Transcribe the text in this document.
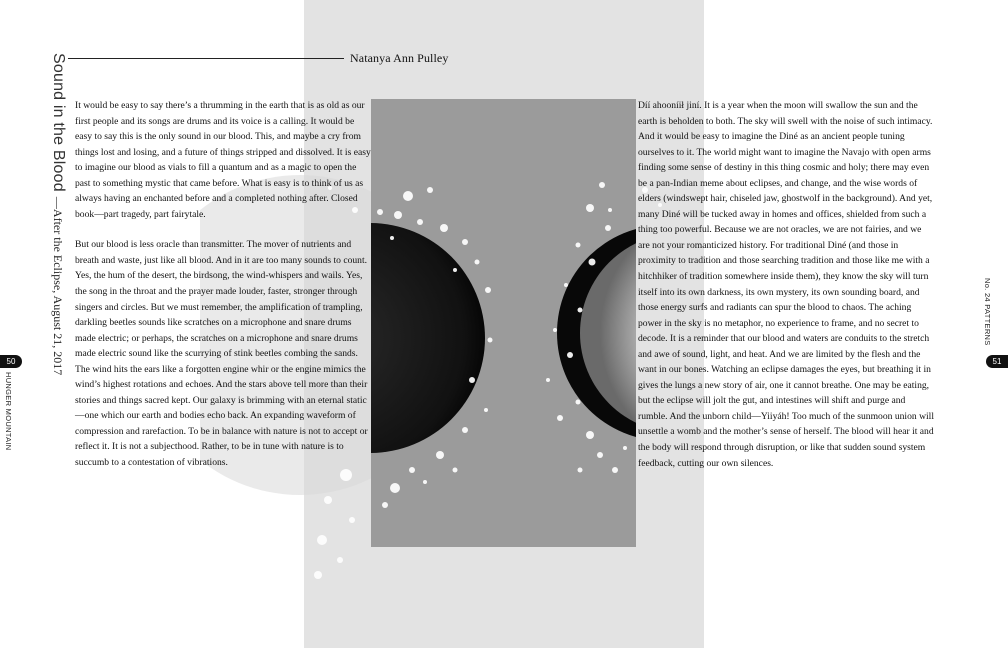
Natanya Ann Pulley
Sound in the Blood —After the Eclipse, August 21, 2017

It would be easy to say there’s a thrumming in the earth that is as old as our first people and its songs are drums and its voice is a calling. It would be easy to say this is the only sound in our blood. This, and maybe a cry from things lost and losing, and a future of things stripped and dissolved. It is easy to imagine our blood as vials to fill a quantum and as a magic to open the past to something mystic that came before. What is easy is to think of us as always having an enchanted before and a completed nothing after. Closed book—part tragedy, part fairytale.

But our blood is less oracle than transmitter. The mover of nutrients and breath and waste, just like all blood. And in it are too many sounds to count. Yes, the hum of the desert, the birdsong, the wind-whispers and wails. Yes, the song in the throat and the prayer made louder, faster, stronger through singers and circles. But we must remember, the amplification of trampling, darkling beetles sounds like scratches on a microphone and snare drums made electric; or perhaps, the scratches on a microphone and snare drums made electric sound like the scurrying of stink beetles combing the sands. The wind hits the ears like a forgotten engine whir or the engine mimics the wind’s highest rotations and echoes. And the stars above tell more than their stories and things sacred kept. Our galaxy is brimming with an eternal static—one which our earth and bodies echo back. An expanding waveform of compression and rarefaction. To be in balance with nature is not to accept or reflect it. It is not a subjecthood. Rather, to be in tune with nature is to succumb to a contestation of vibrations.

Díí ahooníił jiní. It is a year when the moon will swallow the sun and the earth is beholden to both. The sky will swell with the noise of such intimacy. And it would be easy to imagine the Diné as an ancient people tuning ourselves to it. The world might want to imagine the Navajo with open arms finding some sense of destiny in this thing cosmic and holy; there may even be a pan-Indian meme about eclipses, and change, and the wise words of elders (windswept hair, chiseled jaw, ghostwolf in the background). And yet, many Diné will be tucked away in homes and offices, shielded from such a thing too powerful. Because we are not oracles, we are not fairies, and we are not your romanticized history. For traditional Diné (and those in proximity to tradition and those searching tradition and those like me with a hitchhiker of tradition somewhere inside them), they know the sky will turn itself into its own darkness, its own mystery, its own sounding board, and those energy surfs and radiants can spur the blood to chaos. The aching power in the sky is no metaphor, no experience to frame, and no secret to decode. It is a reminder that our blood and waters are conduits to the stretch and awe of sound, light, and heat. And we are limited by the flesh and the want in our bones. Watching an eclipse damages the eyes, but breathing it in gives the lungs a new story of air, one it cannot breathe. One may be eating, but the eclipse will jolt the gut, and intestines will shift and purge and rumble. And the unborn child—Yiiyáh! Too much of the sunmoon union will unsettle a womb and the mother’s sense of herself. The blood will hear it and the body will respond through disruption, or like that sudden sound system feedback, cutting our own silences.

50
HUNGER MOUNTAIN
51
No. 24 PATTERNS
